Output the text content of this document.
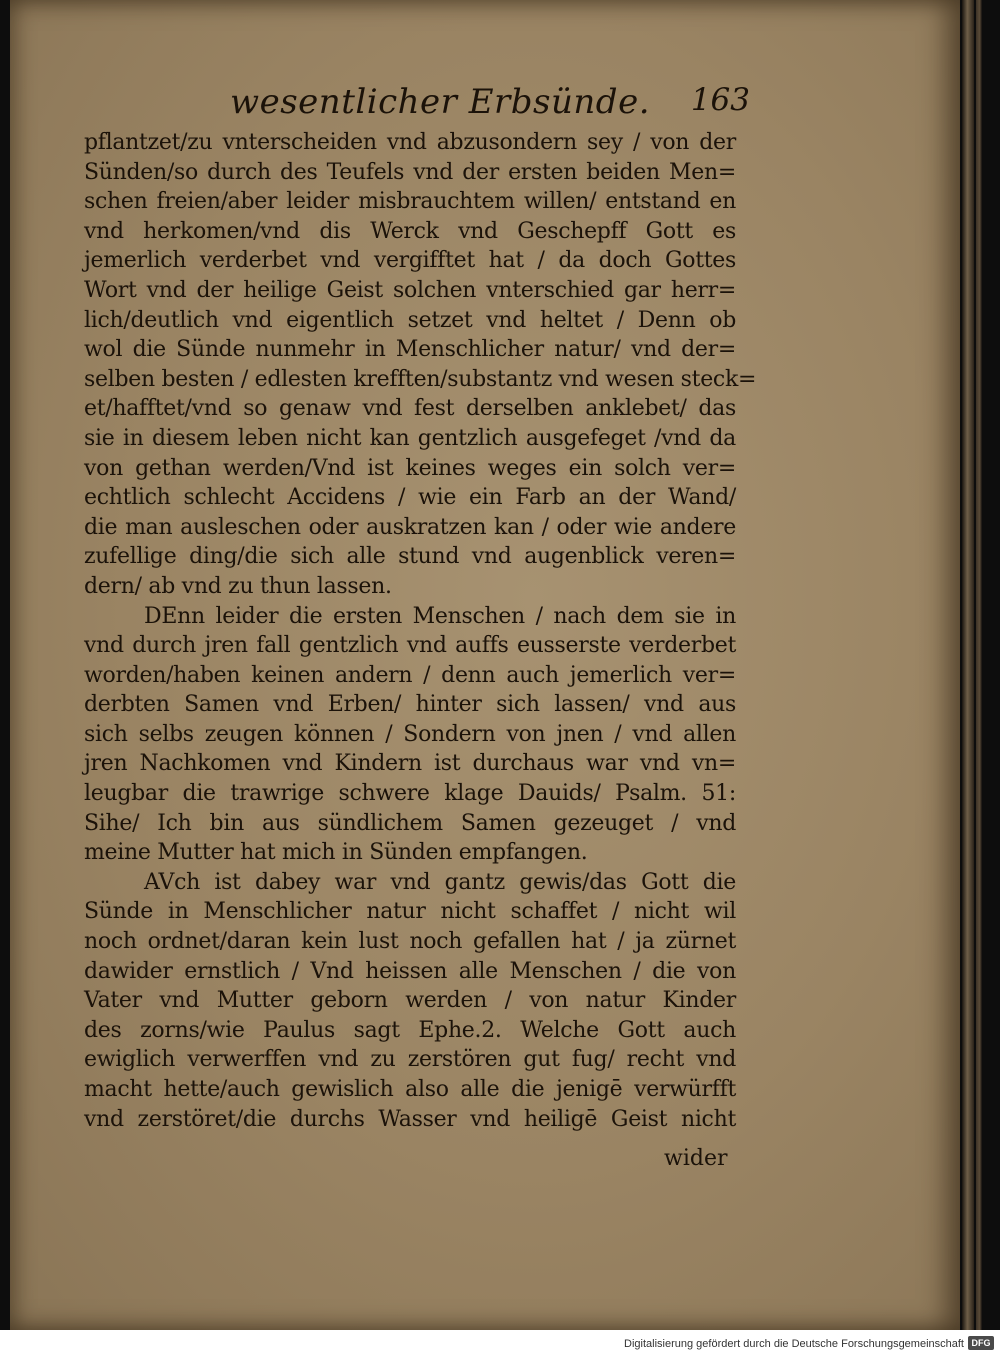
wesentlicher Erbsünde. 163
pflantzet/zu vnterscheiden vnd abzusondern sey / von der
Sünden/so durch des Teufels vnd der ersten beiden Men=
schen freien/aber leider misbrauchtem willen/ entstand en
vnd herkomen/vnd dis Werck vnd Geschepff Gott es
jemerlich verderbet vnd vergifftet hat / da doch Gottes
Wort vnd der heilige Geist solchen vnterschied gar herr=
lich/deutlich vnd eigentlich setzet vnd heltet / Denn ob
wol die Sünde nunmehr in Menschlicher natur/ vnd der=
selben besten / edlesten krefften/substantz vnd wesen steck=
et/hafftet/vnd so genaw vnd fest derselben anklebet/ das
sie in diesem leben nicht kan gentzlich ausgefeget /vnd da
von gethan werden/Vnd ist keines weges ein solch ver=
echtlich schlecht Accidens / wie ein Farb an der Wand/
die man ausleschen oder auskratzen kan / oder wie andere
zufellige ding/die sich alle stund vnd augenblick veren=
dern/ ab vnd zu thun lassen.
DEnn leider die ersten Menschen / nach dem sie in
vnd durch jren fall gentzlich vnd auffs eusserste verderbet
worden/haben keinen andern / denn auch jemerlich ver=
derbten Samen vnd Erben/ hinter sich lassen/ vnd aus
sich selbs zeugen können / Sondern von jnen / vnd allen
jren Nachkomen vnd Kindern ist durchaus war vnd vn=
leugbar die trawrige schwere klage Dauids/ Psalm. 51:
Sihe/ Ich bin aus sündlichem Samen gezeuget / vnd
meine Mutter hat mich in Sünden empfangen.
AVch ist dabey war vnd gantz gewis/das Gott die
Sünde in Menschlicher natur nicht schaffet / nicht wil
noch ordnet/daran kein lust noch gefallen hat / ja zürnet
dawider ernstlich / Vnd heissen alle Menschen / die von
Vater vnd Mutter geborn werden / von natur Kinder
des zorns/wie Paulus sagt Ephe.2. Welche Gott auch
ewiglich verwerffen vnd zu zerstören gut fug/ recht vnd
macht hette/auch gewislich also alle die jenigē verwürfft
vnd zerstöret/die durchs Wasser vnd heiligē Geist nicht
wider
Digitalisierung gefördert durch die Deutsche Forschungsgemeinschaft DFG
